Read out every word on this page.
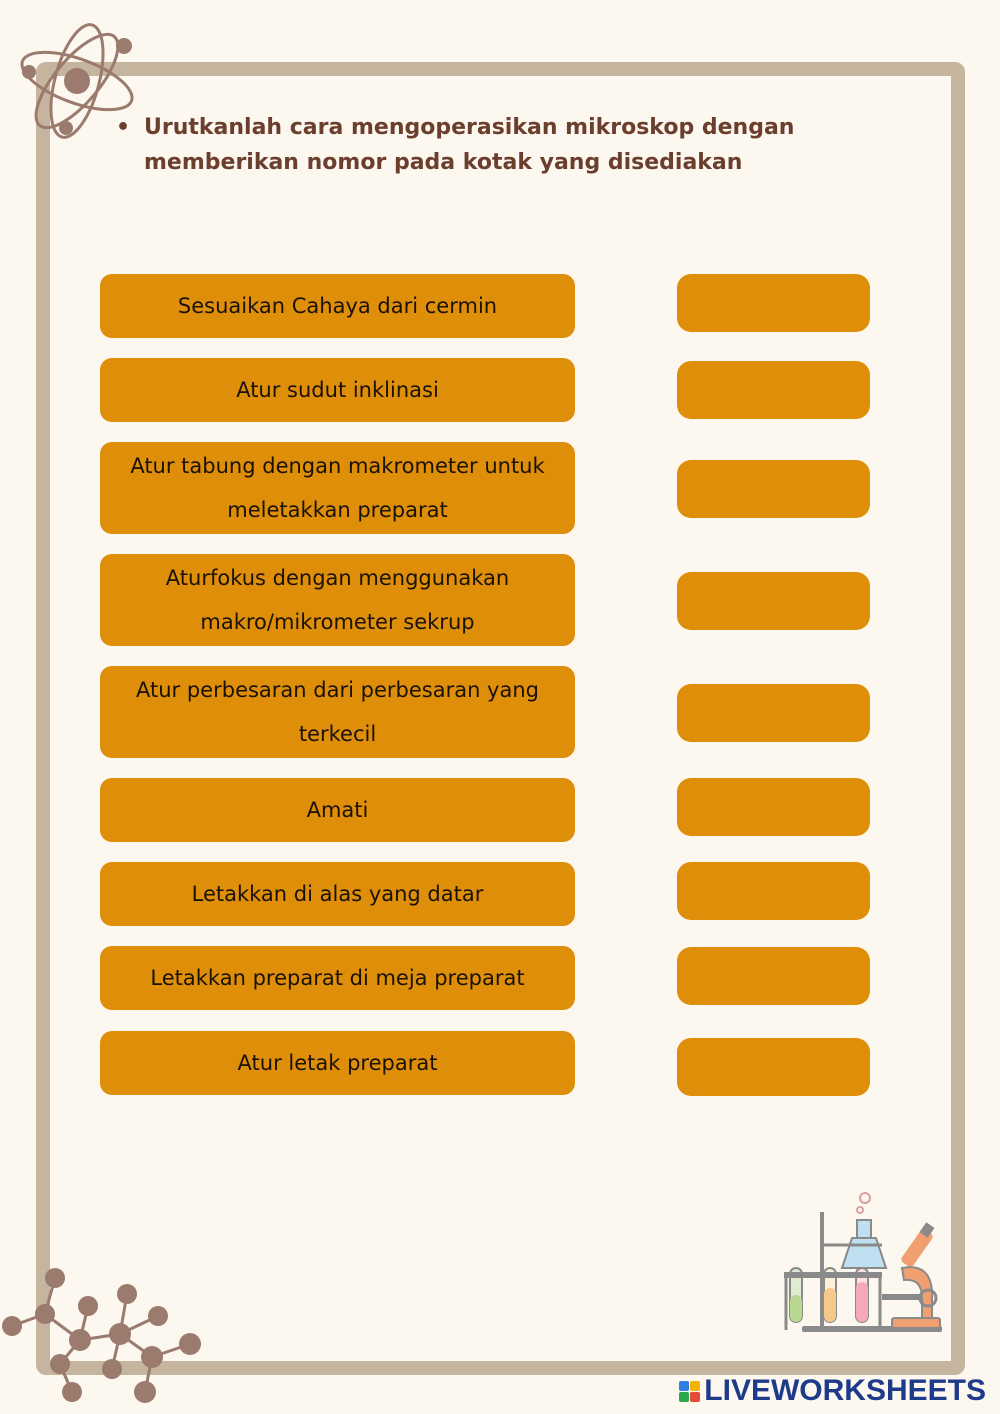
• Urutkanlah cara mengoperasikan mikroskop dengan memberikan nomor pada kotak yang disediakan
Sesuaikan Cahaya dari cermin
Atur sudut inklinasi
Atur tabung dengan makrometer untuk meletakkan preparat
Aturfokus dengan menggunakan makro/mikrometer sekrup
Atur perbesaran dari perbesaran yang terkecil
Amati
Letakkan di alas yang datar
Letakkan preparat di meja preparat
Atur letak preparat
LIVEWORKSHEETS
